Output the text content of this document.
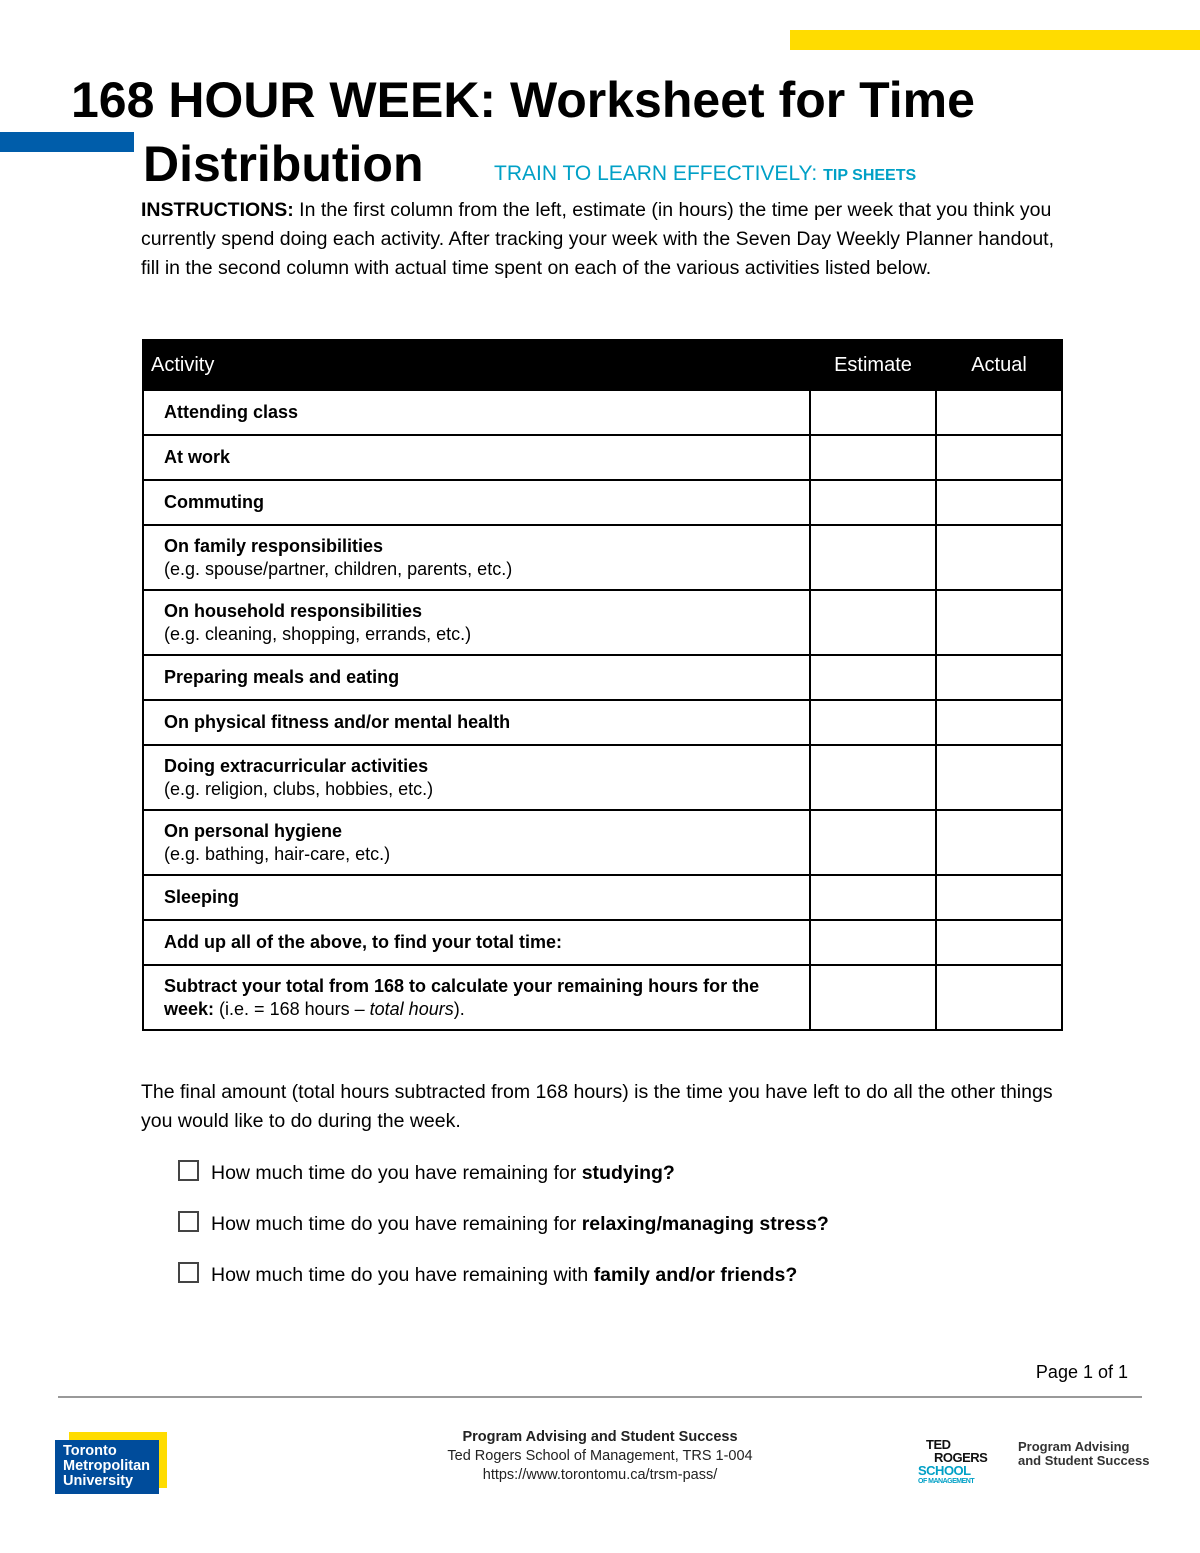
168 HOUR WEEK: Worksheet for Time
Distribution	TRAIN TO LEARN EFFECTIVELY: TIP SHEETS
INSTRUCTIONS: In the first column from the left, estimate (in hours) the time per week that you think you currently spend doing each activity. After tracking your week with the Seven Day Weekly Planner handout, fill in the second column with actual time spent on each of the various activities listed below.
Activity	Estimate	Actual
Attending class		
At work		
Commuting		
On family responsibilities
(e.g. spouse/partner, children, parents, etc.)		
On household responsibilities
(e.g. cleaning, shopping, errands, etc.)		
Preparing meals and eating		
On physical fitness and/or mental health		
Doing extracurricular activities
(e.g. religion, clubs, hobbies, etc.)		
On personal hygiene
(e.g. bathing, hair-care, etc.)		
Sleeping		
Add up all of the above, to find your total time:		
Subtract your total from 168 to calculate your remaining hours for the week: (i.e. = 168 hours – total hours).		
The final amount (total hours subtracted from 168 hours) is the time you have left to do all the other things you would like to do during the week.
How much time do you have remaining for studying?
How much time do you have remaining for relaxing/managing stress?
How much time do you have remaining with family and/or friends?
Page 1 of 1
Toronto
Metropolitan
University
Program Advising and Student Success
Ted Rogers School of Management, TRS 1-004
https://www.torontomu.ca/trsm-pass/
TED
ROGERS
SCHOOL
OF MANAGEMENT
Program Advising
and Student Success
